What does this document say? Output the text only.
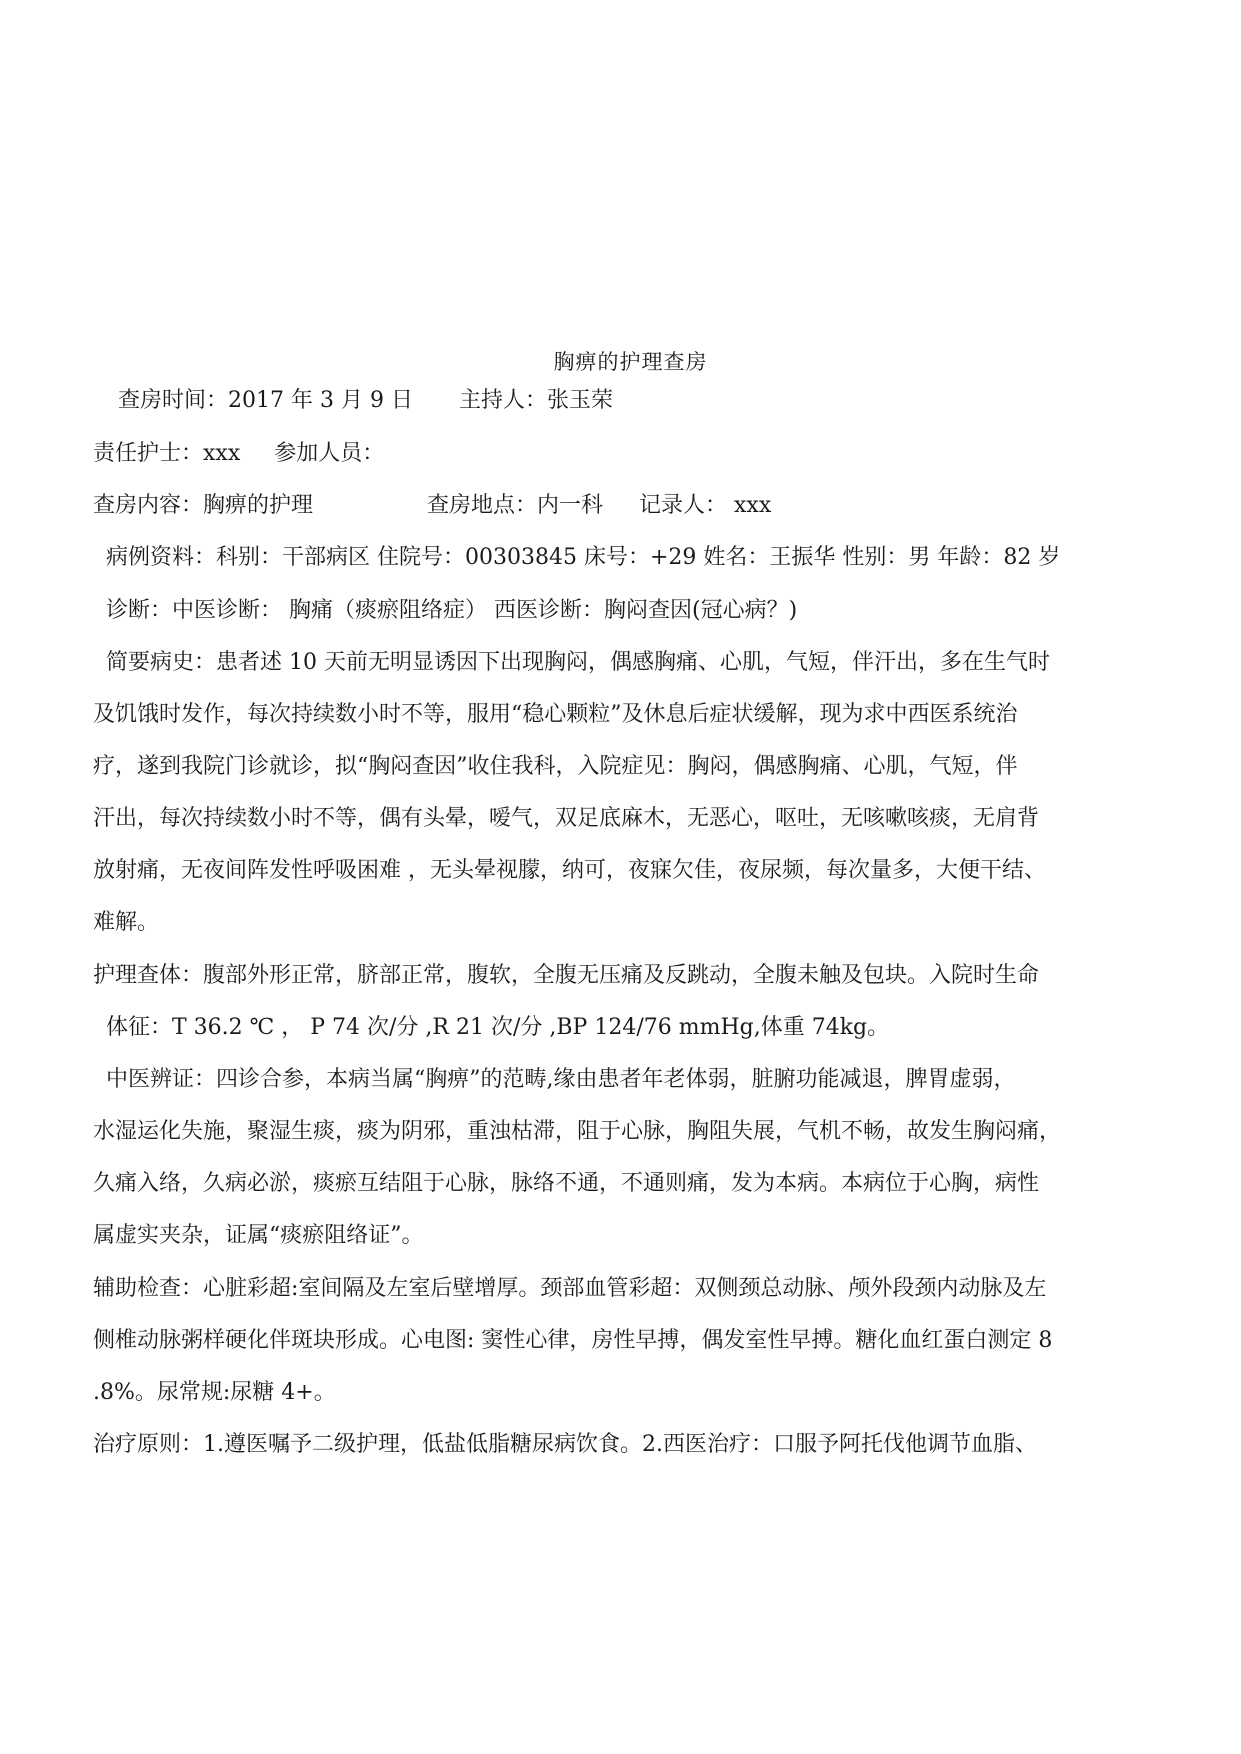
胸痹的护理查房
查房时间：2017 年 3 月 9 日 主持人：张玉荣
责任护士：xxx 参加人员：
查房内容：胸痹的护理	查房地点：内一科 记录人： xxx
病例资料：科别：干部病区 住院号：00303845 床号：+29 姓名：王振华 性别：男 年龄：82 岁
诊断：中医诊断： 胸痛（痰瘀阻络症） 西医诊断：胸闷查因(冠心病？)
简要病史：患者述 10 天前无明显诱因下出现胸闷，偶感胸痛、心肌，气短，伴汗出，多在生气时
及饥饿时发作，每次持续数小时不等，服用“稳心颗粒”及休息后症状缓解，现为求中西医系统治
疗，遂到我院门诊就诊，拟“胸闷查因”收住我科，入院症见：胸闷，偶感胸痛、心肌，气短，伴
汗出，每次持续数小时不等，偶有头晕，嗳气，双足底麻木，无恶心，呕吐，无咳嗽咳痰，无肩背
放射痛，无夜间阵发性呼吸困难 ，无头晕视朦，纳可，夜寐欠佳，夜尿频，每次量多，大便干结、
难解。
护理查体：腹部外形正常，脐部正常，腹软，全腹无压痛及反跳动，全腹未触及包块。入院时生命
体征：T 36.2 ℃ ， P 74 次/分 ,R 21 次/分 ,BP 124/76 mmHg,体重 74kg。
中医辨证：四诊合参，本病当属“胸痹”的范畴,缘由患者年老体弱，脏腑功能减退，脾胃虚弱，
水湿运化失施，聚湿生痰，痰为阴邪，重浊枯滞，阻于心脉，胸阻失展，气机不畅，故发生胸闷痛，
久痛入络，久病必淤，痰瘀互结阻于心脉，脉络不通，不通则痛，发为本病。本病位于心胸，病性
属虚实夹杂，证属“痰瘀阻络证”。
辅助检查：心脏彩超:室间隔及左室后壁增厚。颈部血管彩超：双侧颈总动脉、颅外段颈内动脉及左
侧椎动脉粥样硬化伴斑块形成。心电图: 窦性心律，房性早搏，偶发室性早搏。糖化血红蛋白测定 8
.8%。尿常规:尿糖 4+。
治疗原则：1.遵医嘱予二级护理，低盐低脂糖尿病饮食。2.西医治疗：口服予阿托伐他调节血脂、
